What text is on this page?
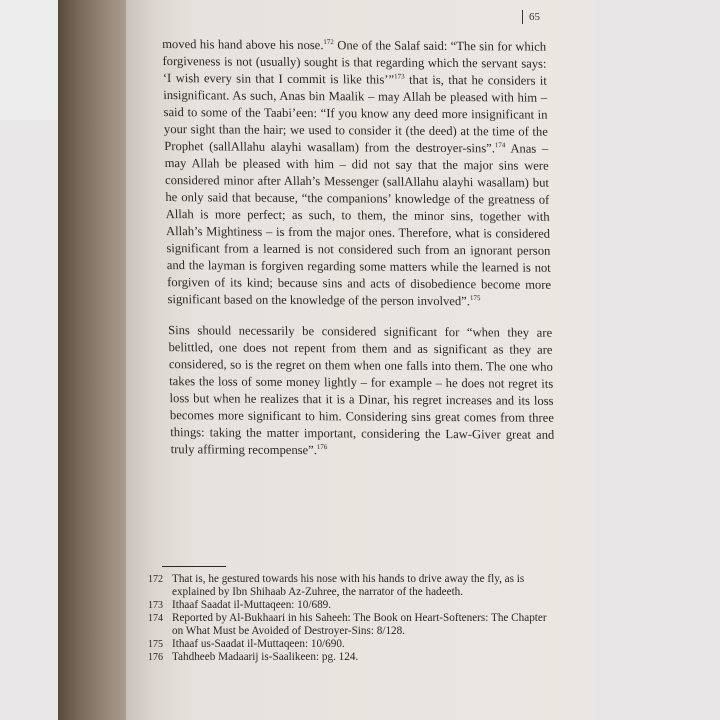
65

moved his hand above his nose.$^{172}$ One of the Salaf said: “The sin for which forgiveness is not (usually) sought is that regarding which the servant says: ‘I wish every sin that I commit is like this’”$^{173}$ that is, that he considers it insignificant. As such, Anas bin Maalik – may Allah be pleased with him – said to some of the Taabi’een: “If you know any deed more insignificant in your sight than the hair; we used to consider it (the deed) at the time of the Prophet (sallAllahu alayhi wasallam) from the destroyer-sins”.$^{174}$ Anas – may Allah be pleased with him – did not say that the major sins were considered minor after Allah’s Messenger (sallAllahu alayhi wasallam) but he only said that because, “the companions’ knowledge of the greatness of Allah is more perfect; as such, to them, the minor sins, together with Allah’s Mightiness – is from the major ones. Therefore, what is considered significant from a learned is not considered such from an ignorant person and the layman is forgiven regarding some matters while the learned is not forgiven of its kind; because sins and acts of disobedience become more significant based on the knowledge of the person involved”.$^{175}$

Sins should necessarily be considered significant for “when they are belittled, one does not repent from them and as significant as they are considered, so is the regret on them when one falls into them. The one who takes the loss of some money lightly – for example – he does not regret its loss but when he realizes that it is a Dinar, his regret increases and its loss becomes more significant to him. Considering sins great comes from three things: taking the matter important, considering the Law-Giver great and truly affirming recompense”.$^{176}$

172 That is, he gestured towards his nose with his hands to drive away the fly, as is explained by Ibn Shihaab Az-Zuhree, the narrator of the hadeeth.
173 Ithaaf Saadat il-Muttaqeen: 10/689.
174 Reported by Al-Bukhaari in his Saheeh: The Book on Heart-Softeners: The Chapter on What Must be Avoided of Destroyer-Sins: 8/128.
175 Ithaaf us-Saadat il-Muttaqeen: 10/690.
176 Tahdheeb Madaarij is-Saalikeen: pg. 124.
